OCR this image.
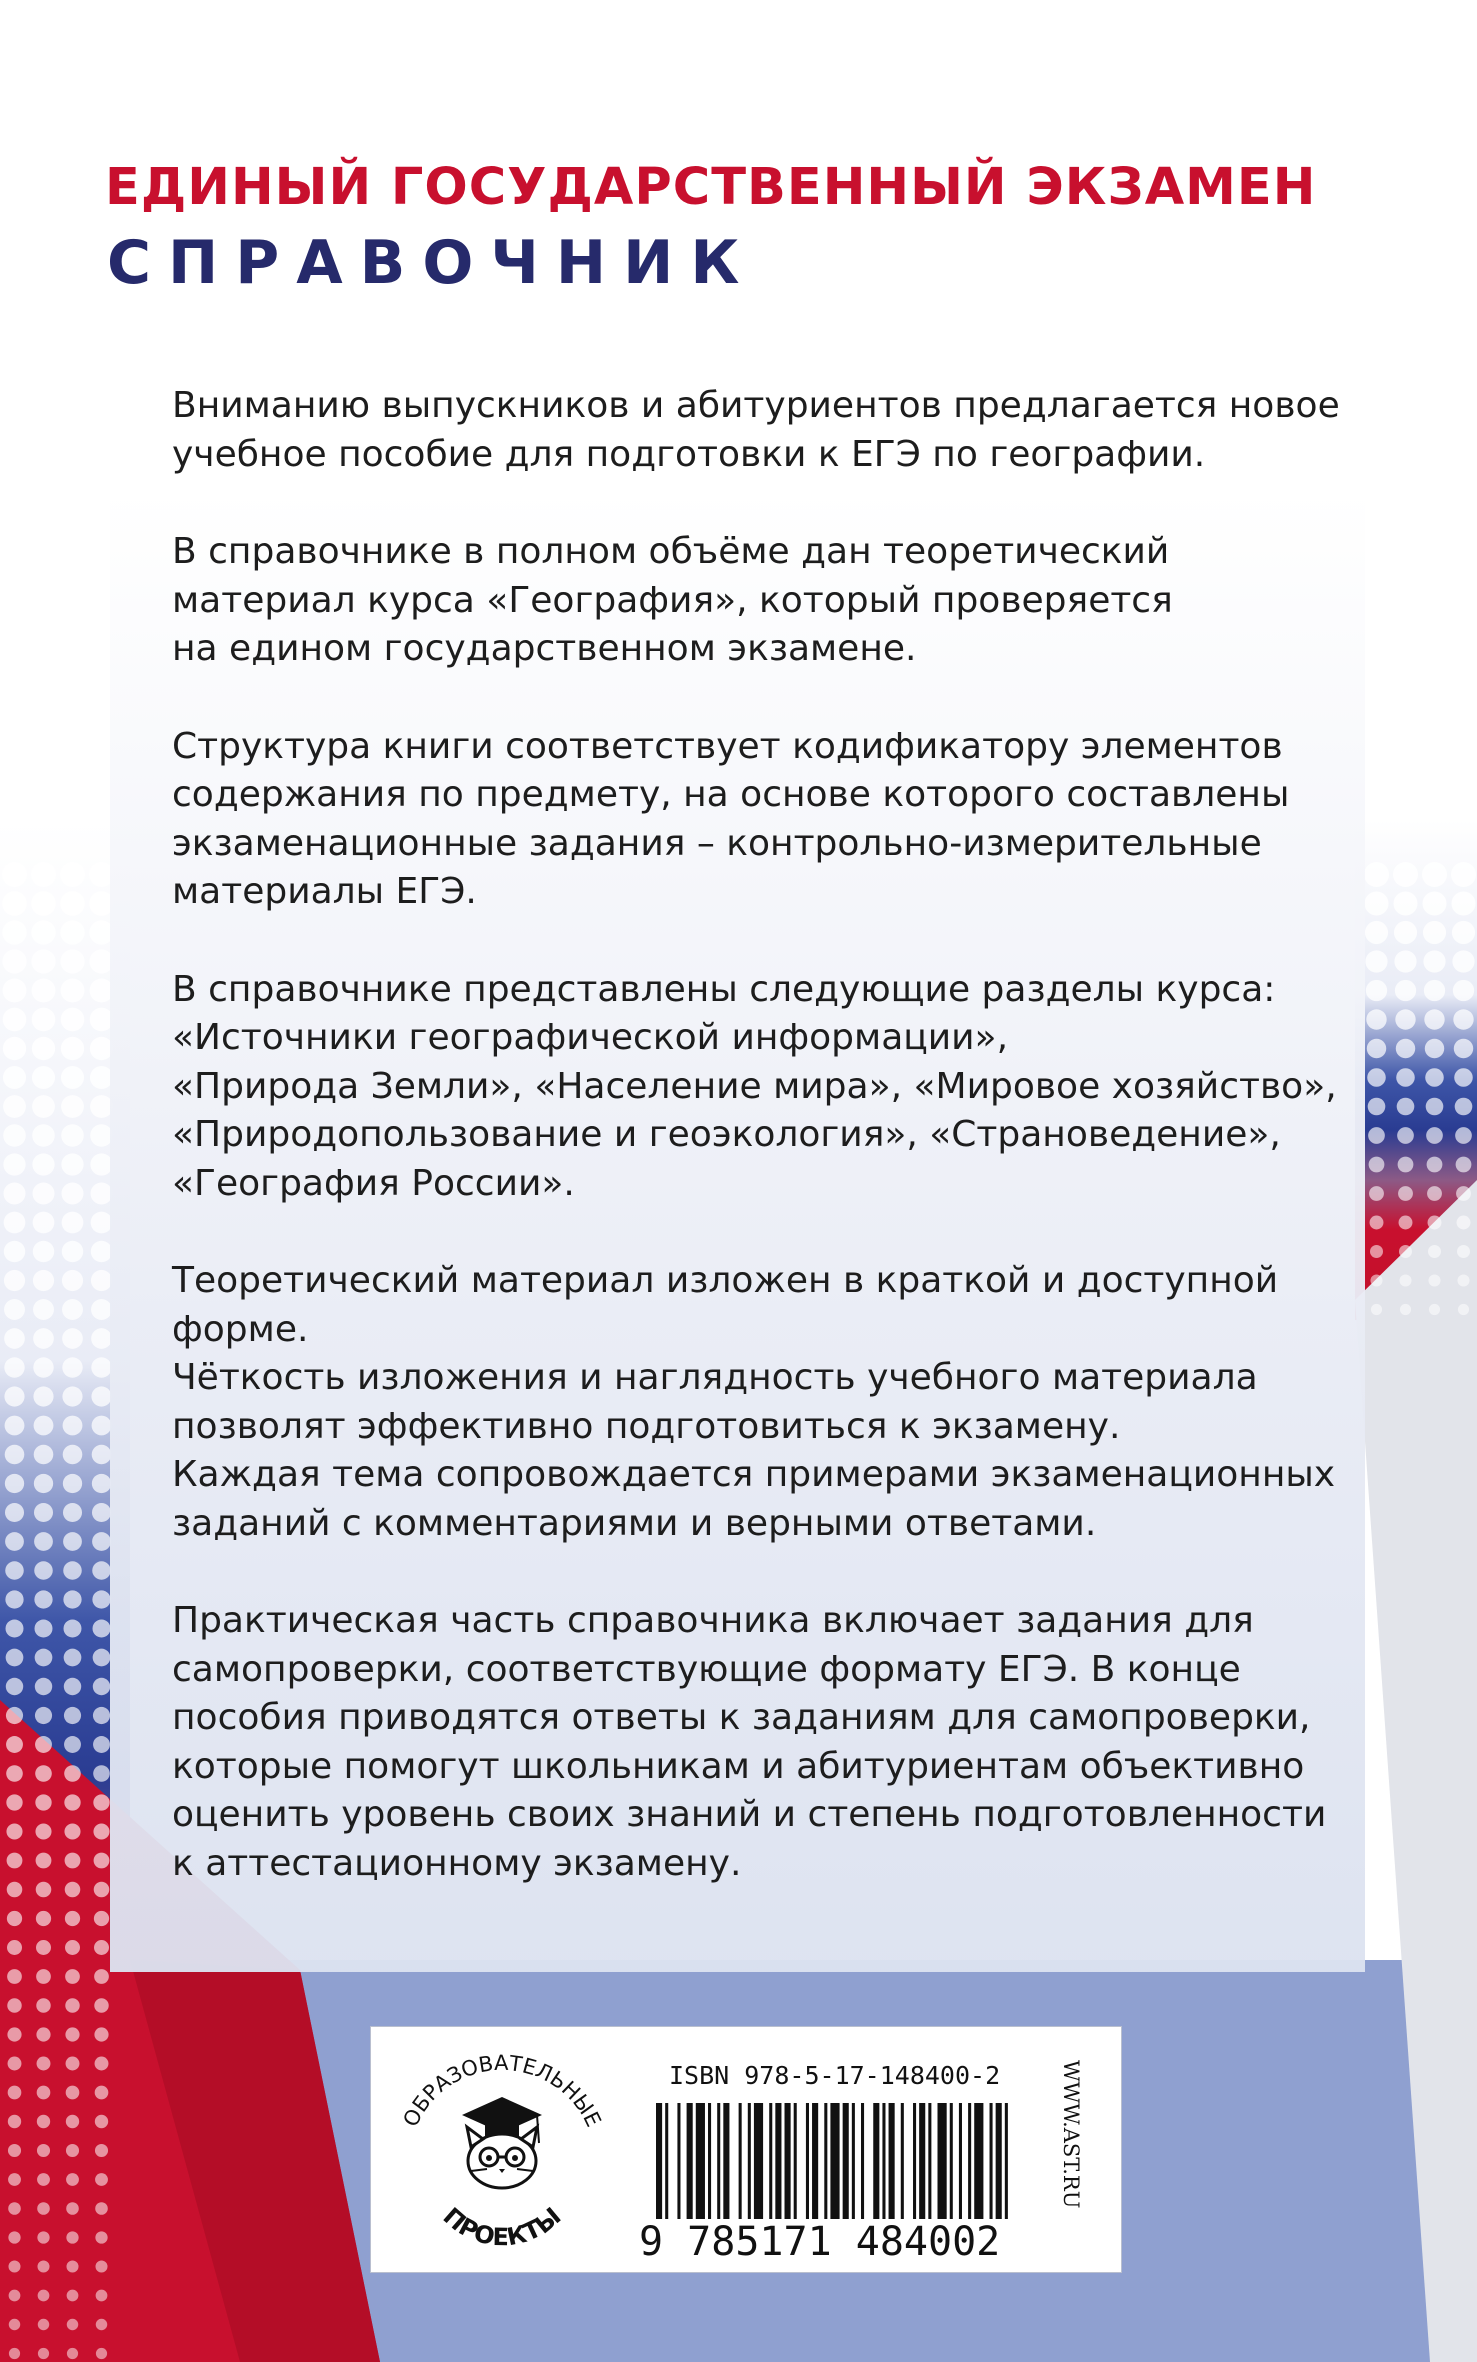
ЕДИНЫЙ ГОСУДАРСТВЕННЫЙ ЭКЗАМЕН
СПРАВОЧНИК

Вниманию выпускников и абитуриентов предлагается новое
учебное пособие для подготовки к ЕГЭ по географии.

В справочнике в полном объёме дан теоретический
материал курса «География», который проверяется
на едином государственном экзамене.

Структура книги соответствует кодификатору элементов
содержания по предмету, на основе которого составлены
экзаменационные задания – контрольно-измерительные
материалы ЕГЭ.

В справочнике представлены следующие разделы курса:
«Источники географической информации»,
«Природа Земли», «Население мира», «Мировое хозяйство»,
«Природопользование и геоэкология», «Страноведение»,
«География России».

Теоретический материал изложен в краткой и доступной
форме.
Чёткость изложения и наглядность учебного материала
позволят эффективно подготовиться к экзамену.
Каждая тема сопровождается примерами экзаменационных
заданий с комментариями и верными ответами.

Практическая часть справочника включает задания для
самопроверки, соответствующие формату ЕГЭ. В конце
пособия приводятся ответы к заданиям для самопроверки,
которые помогут школьникам и абитуриентам объективно
оценить уровень своих знаний и степень подготовленности
к аттестационному экзамену.

ОБРАЗОВАТЕЛЬНЫЕ
ПРОЕКТЫ
ISBN 978-5-17-148400-2
9 785171 484002
WWW.AST.RU
